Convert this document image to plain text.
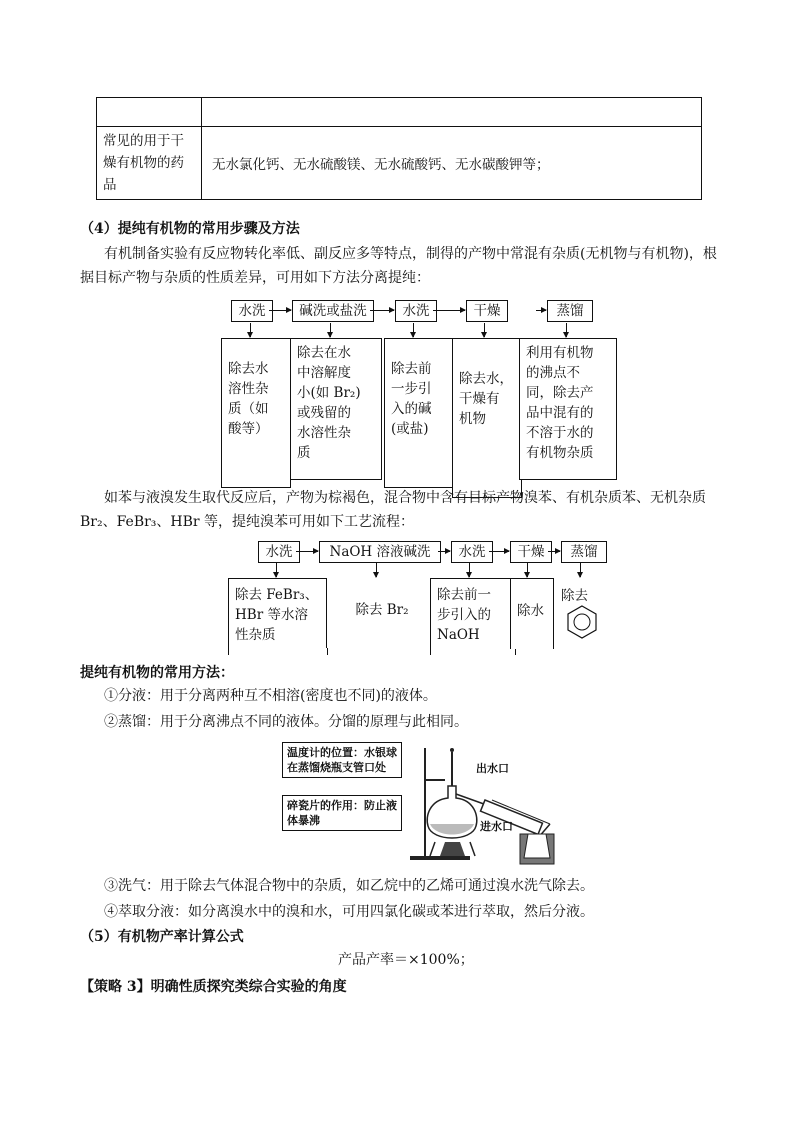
常见的用于干
燥有机物的药
品	无水氯化钙、无水硫酸镁、无水硫酸钙、无水碳酸钾等；
（4）提纯有机物的常用步骤及方法
有机制备实验有反应物转化率低、副反应多等特点，制得的产物中常混有杂质(无机物与有机物)，根
据目标产物与杂质的性质差异，可用如下方法分离提纯：
水洗	碱洗或盐洗	水洗	干燥	蒸馏
除去水
溶性杂
质（如
酸等）
除去在水
中溶解度
小(如 Br₂)
或残留的
水溶性杂
质
除去前
一步引
入的碱
(或盐)
除去水，
干燥有
机物
利用有机物
的沸点不
同，除去产
品中混有的
不溶于水的
有机物杂质
如苯与液溴发生取代反应后，产物为棕褐色，混合物中含有目标产物溴苯、有机杂质苯、无机杂质
Br₂、FeBr₃、HBr 等，提纯溴苯可用如下工艺流程：
水洗	NaOH 溶液碱洗	水洗	干燥	蒸馏
除去 FeBr₃、
HBr 等水溶
性杂质
除去 Br₂
除去前一
步引入的
NaOH
除水
除去
提纯有机物的常用方法：
①分液：用于分离两种互不相溶(密度也不同)的液体。
②蒸馏：用于分离沸点不同的液体。分馏的原理与此相同。
温度计的位置：水银球
在蒸馏烧瓶支管口处
碎瓷片的作用：防止液
体暴沸
出水口
进水口
③洗气：用于除去气体混合物中的杂质，如乙烷中的乙烯可通过溴水洗气除去。
④萃取分液：如分离溴水中的溴和水，可用四氯化碳或苯进行萃取，然后分液。
（5）有机物产率计算公式
产品产率＝×100%；
【策略 3】明确性质探究类综合实验的角度
